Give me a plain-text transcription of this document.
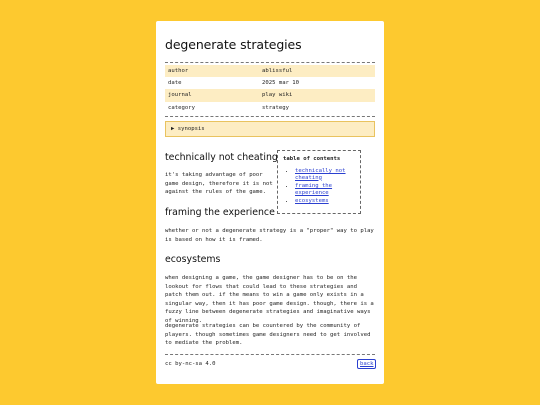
degenerate strategies
author	ablissful
date	2025 mar 10
journal	play wiki
category	strategy
▶ synopsis
table of contents
• technically not cheating
• framing the experience
• ecosystems
technically not cheating

it's taking advantage of poor game design, therefore it is not against the rules of the game.

framing the experience

whether or not a degenerate strategy is a "proper" way to play is based on how it is framed.

ecosystems

when designing a game, the game designer has to be on the lookout for flows that could lead to these strategies and patch them out. if the means to win a game only exists in a singular way, then it has poor game design. though, there is a fuzzy line between degenerate strategies and imaginative ways of winning.

degenerate strategies can be countered by the community of players. though sometimes game designers need to get involved to mediate the problem.

cc by-nc-sa 4.0	back
